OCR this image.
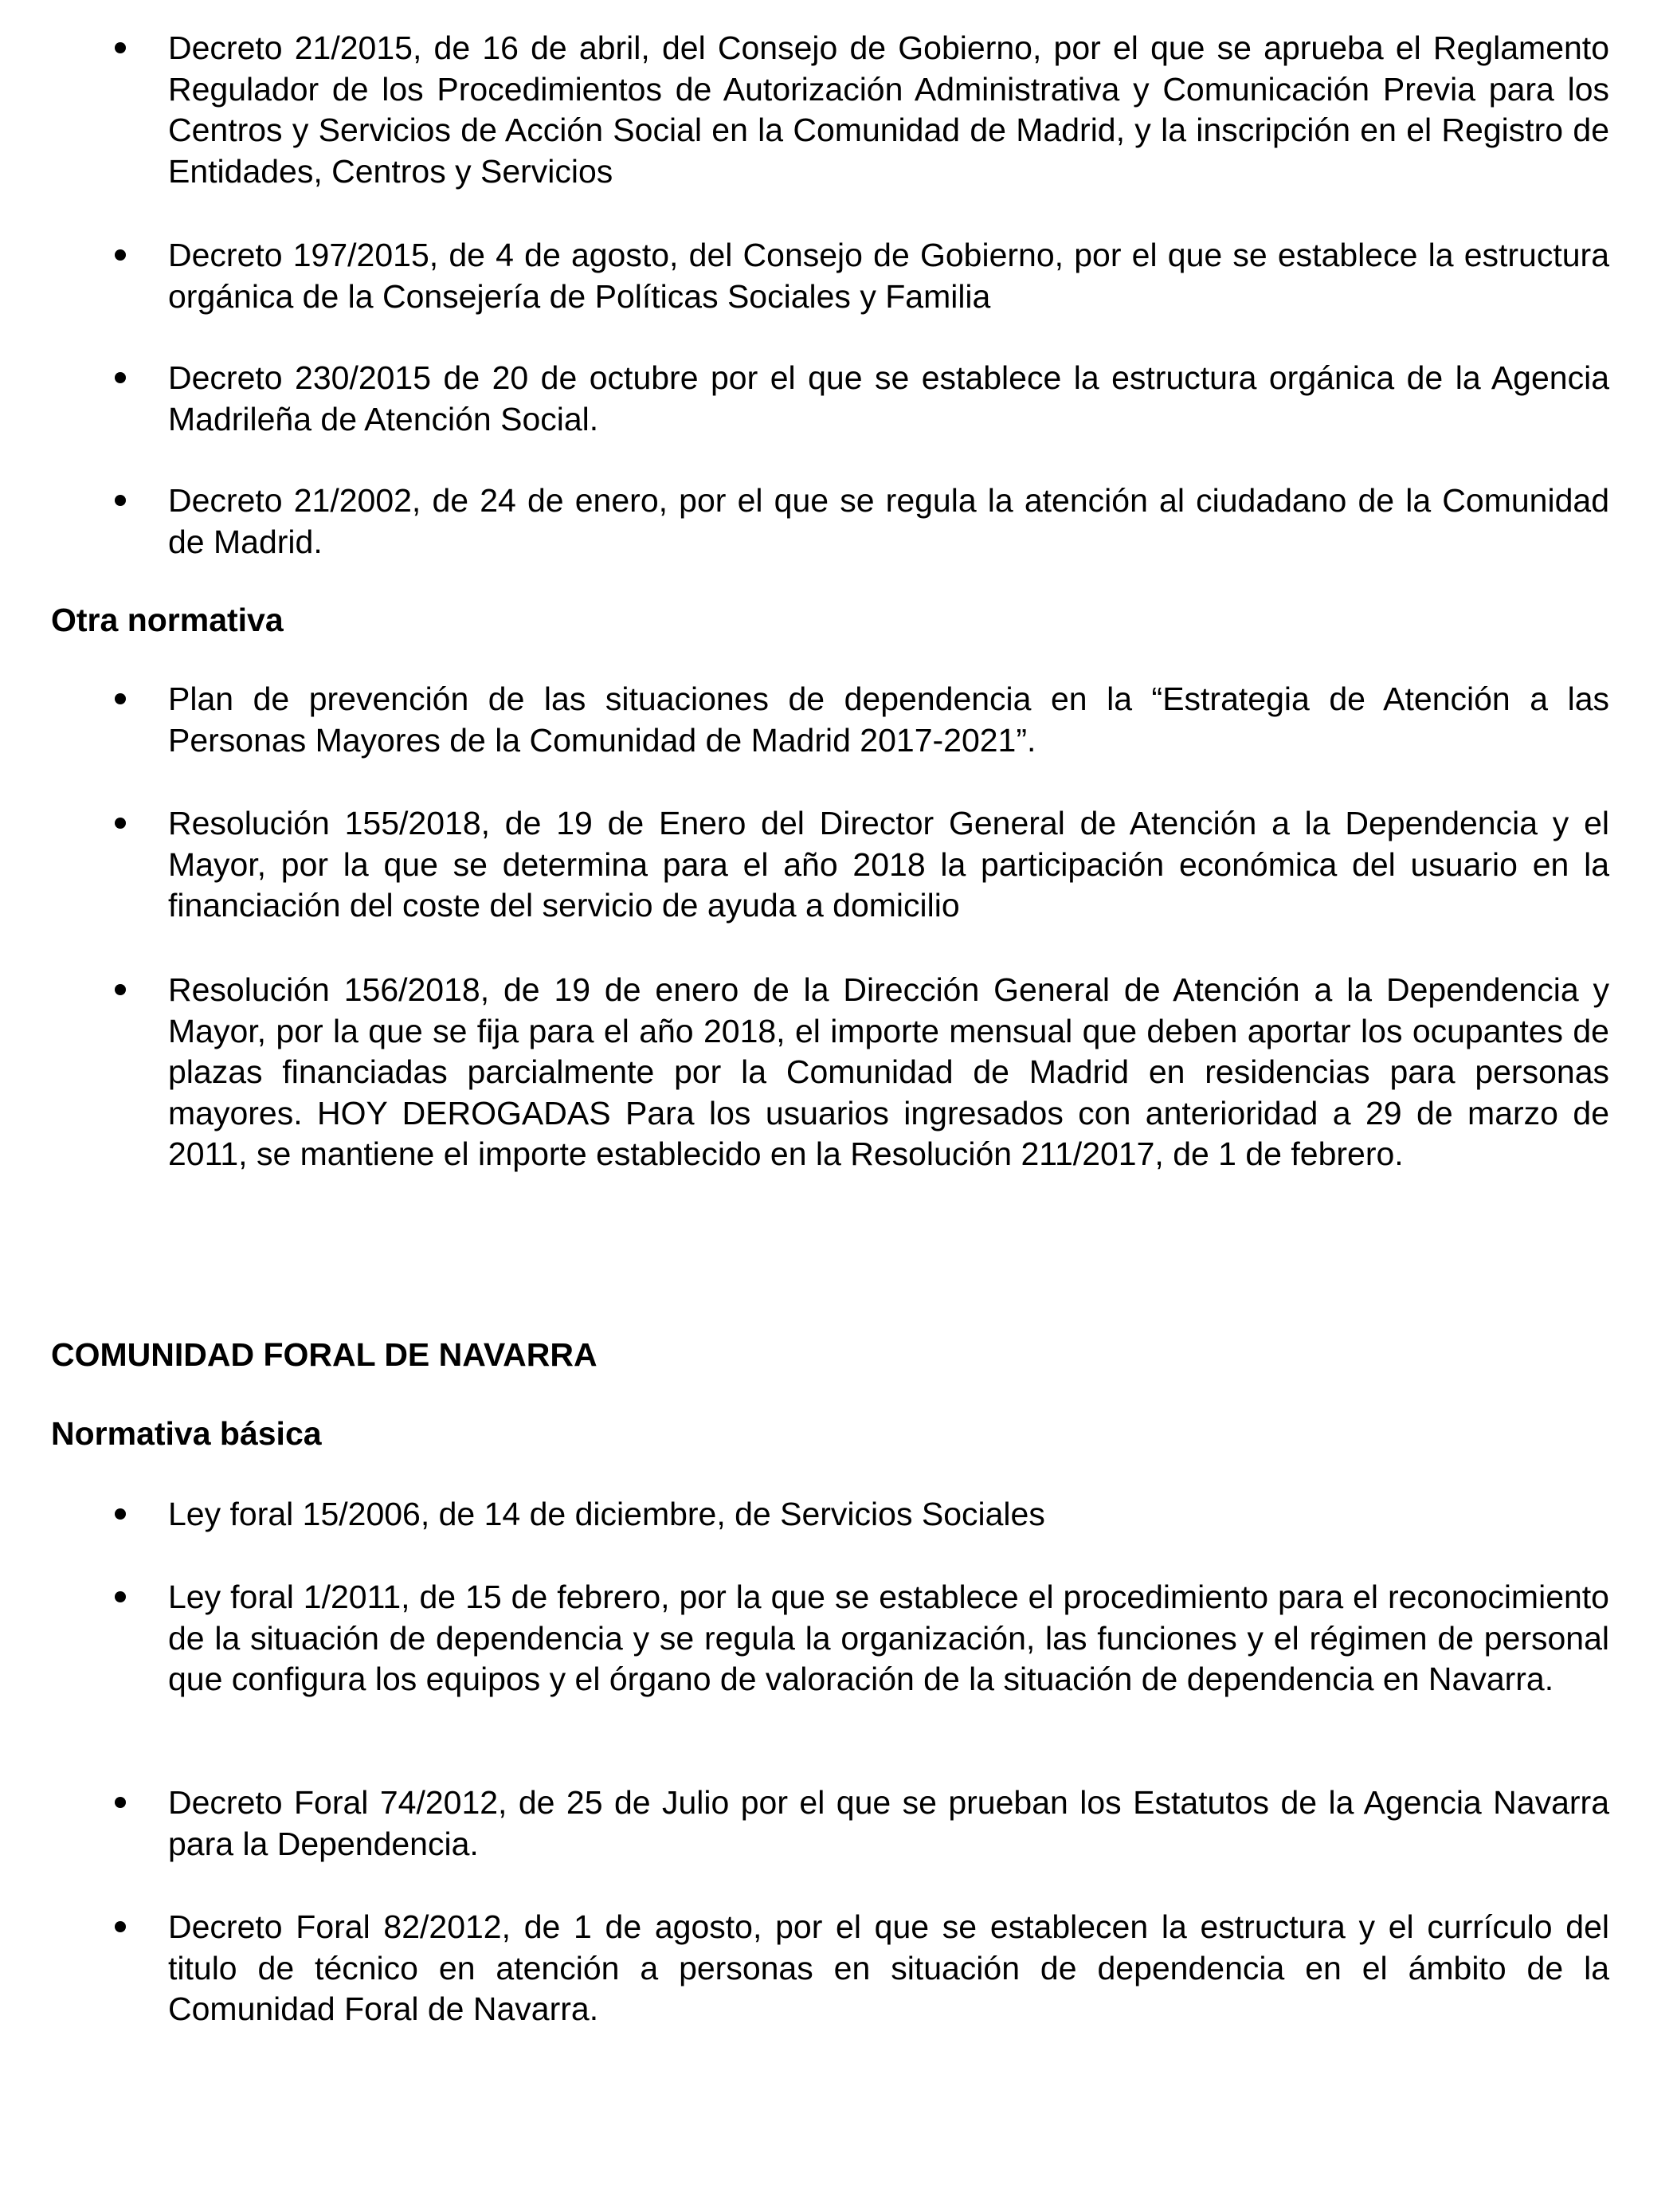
Decreto 21/2015, de 16 de abril, del Consejo de Gobierno, por el que se aprueba el Reglamento Regulador de los Procedimientos de Autorización Administrativa y Comunicación Previa para los Centros y Servicios de Acción Social en la Comunidad de Madrid, y la inscripción en el Registro de Entidades, Centros y Servicios

Decreto 197/2015, de 4 de agosto, del Consejo de Gobierno, por el que se establece la estructura orgánica de la Consejería de Políticas Sociales y Familia

Decreto 230/2015 de 20 de octubre por el que se establece la estructura orgánica de la Agencia Madrileña de Atención Social.

Decreto 21/2002, de 24 de enero, por el que se regula la atención al ciudadano de la Comunidad de Madrid.

Otra normativa

Plan de prevención de las situaciones de dependencia en la “Estrategia de Atención a las Personas Mayores de la Comunidad de Madrid 2017-2021”.

Resolución 155/2018, de 19 de Enero del Director General de Atención a la Dependencia y el Mayor, por la que se determina para el año 2018 la participación económica del usuario en la financiación del coste del servicio de ayuda a domicilio

Resolución 156/2018, de 19 de enero de la Dirección General de Atención a la Dependencia y Mayor, por la que se fija para el año 2018, el importe mensual que deben aportar los ocupantes de plazas financiadas parcialmente por la Comunidad de Madrid en residencias para personas mayores. HOY DEROGADAS Para los usuarios ingresados con anterioridad a 29 de marzo de 2011, se mantiene el importe establecido en la Resolución 211/2017, de 1 de febrero.

COMUNIDAD FORAL DE NAVARRA
Normativa básica

Ley foral 15/2006, de 14 de diciembre, de Servicios Sociales

Ley foral 1/2011, de 15 de febrero, por la que se establece el procedimiento para el reconocimiento de la situación de dependencia y se regula la organización, las funciones y el régimen de personal que configura los equipos y el órgano de valoración de la situación de dependencia en Navarra.

Decreto Foral 74/2012, de 25 de Julio por el que se prueban los Estatutos de la Agencia Navarra para la Dependencia.

Decreto Foral 82/2012, de 1 de agosto, por el que se establecen la estructura y el currículo del titulo de técnico en atención a personas en situación de dependencia en el ámbito de la Comunidad Foral de Navarra.
